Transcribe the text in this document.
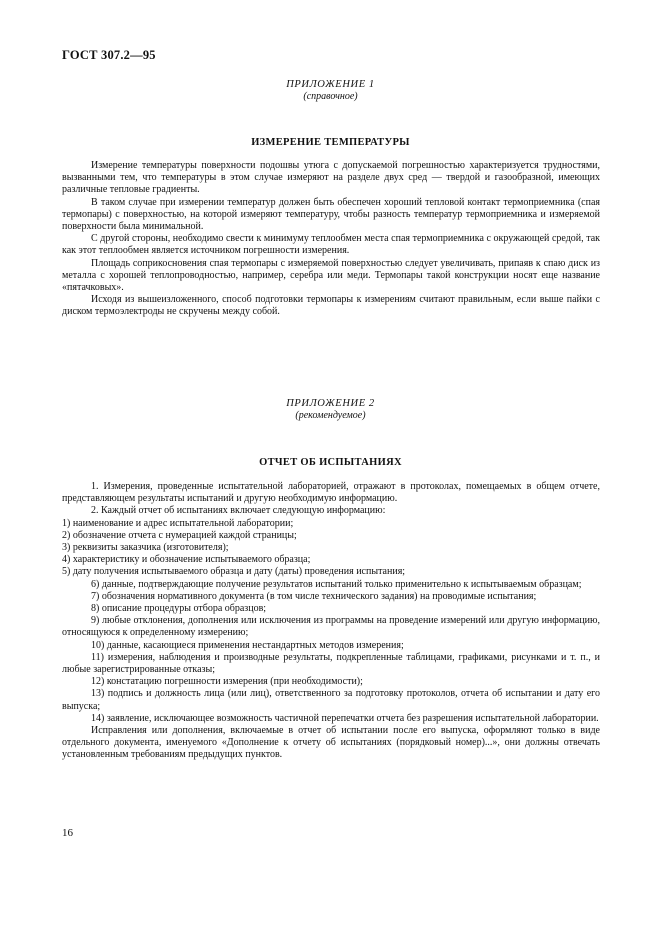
ГОСТ 307.2—95
ПРИЛОЖЕНИЕ 1
(справочное)
ИЗМЕРЕНИЕ ТЕМПЕРАТУРЫ

Измерение температуры поверхности подошвы утюга с допускаемой погрешностью характеризуется трудностями, вызванными тем, что температуры в этом случае измеряют на разделе двух сред — твердой и газообразной, имеющих различные тепловые градиенты.

В таком случае при измерении температур должен быть обеспечен хороший тепловой контакт термоприемника (спая термопары) с поверхностью, на которой измеряют температуру, чтобы разность температур термоприемника и измеряемой поверхности была минимальной.

С другой стороны, необходимо свести к минимуму теплообмен места спая термоприемника с окружающей средой, так как этот теплообмен является источником погрешности измерения.

Площадь соприкосновения спая термопары с измеряемой поверхностью следует увеличивать, припаяв к спаю диск из металла с хорошей теплопроводностью, например, серебра или меди. Термопары такой конструкции носят еще название «пятачковых».

Исходя из вышеизложенного, способ подготовки термопары к измерениям считают правильным, если выше пайки с диском термоэлектроды не скручены между собой.

ПРИЛОЖЕНИЕ 2
(рекомендуемое)
ОТЧЕТ ОБ ИСПЫТАНИЯХ

1. Измерения, проведенные испытательной лабораторией, отражают в протоколах, помещаемых в общем отчете, представляющем результаты испытаний и другую необходимую информацию.

2. Каждый отчет об испытаниях включает следующую информацию:

1) наименование и адрес испытательной лаборатории;

2) обозначение отчета с нумерацией каждой страницы;

3) реквизиты заказчика (изготовителя);

4) характеристику и обозначение испытываемого образца;

5) дату получения испытываемого образца и дату (даты) проведения испытания;

6) данные, подтверждающие получение результатов испытаний только применительно к испытываемым образцам;

7) обозначения нормативного документа (в том числе технического задания) на проводимые испытания;

8) описание процедуры отбора образцов;

9) любые отклонения, дополнения или исключения из программы на проведение измерений или другую информацию, относящуюся к определенному измерению;

10) данные, касающиеся применения нестандартных методов измерения;

11) измерения, наблюдения и производные результаты, подкрепленные таблицами, графиками, рисунками и т. п., и любые зарегистрированные отказы;

12) констатацию погрешности измерения (при необходимости);

13) подпись и должность лица (или лиц), ответственного за подготовку протоколов, отчета об испытании и дату его выпуска;

14) заявление, исключающее возможность частичной перепечатки отчета без разрешения испытательной лаборатории.

Исправления или дополнения, включаемые в отчет об испытании после его выпуска, оформляют только в виде отдельного документа, именуемого «Дополнение к отчету об испытаниях (порядковый номер)...», они должны отвечать установленным требованиям предыдущих пунктов.

16
